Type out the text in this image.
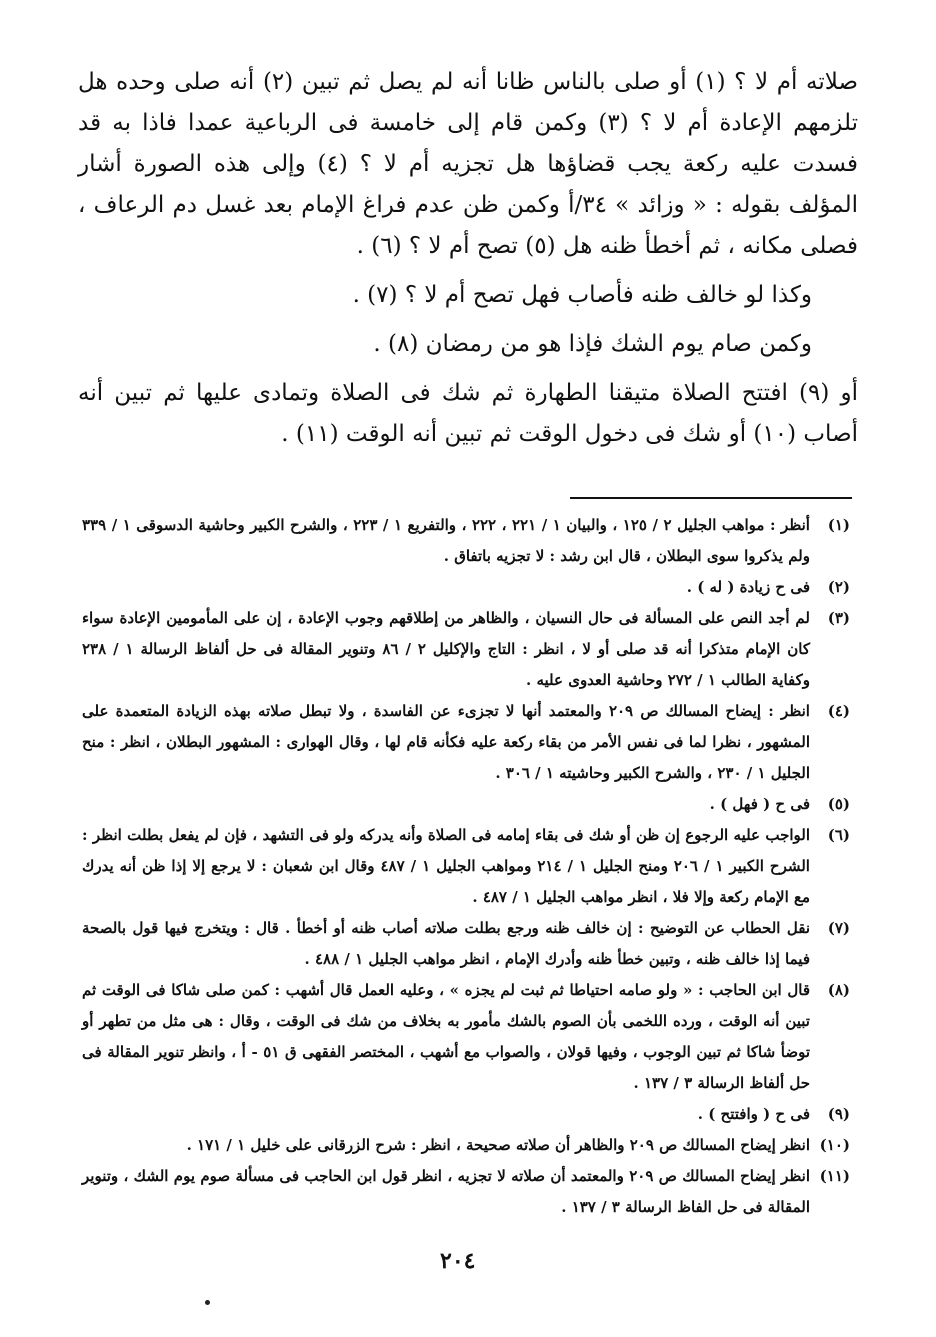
صلاته أم لا ؟ (١) أو صلى بالناس ظانا أنه لم يصل ثم تبين (٢) أنه صلى وحده هل تلزمهم الإعادة أم لا ؟ (٣) وكمن قام إلى خامسة فى الرباعية عمدا فاذا به قد فسدت عليه ركعة يجب قضاؤها هل تجزيه أم لا ؟ (٤) وإلى هذه الصورة أشار المؤلف بقوله : « وزائد » ٣٤/أ وكمن ظن عدم فراغ الإمام بعد غسل دم الرعاف ، فصلى مكانه ، ثم أخطأ ظنه هل (٥) تصح أم لا ؟ (٦) .

وكذا لو خالف ظنه فأصاب فهل تصح أم لا ؟ (٧) .

وكمن صام يوم الشك فإذا هو من رمضان (٨) .

أو (٩) افتتح الصلاة متيقنا الطهارة ثم شك فى الصلاة وتمادى عليها ثم تبين أنه أصاب (١٠) أو شك فى دخول الوقت ثم تبين أنه الوقت (١١) .

(١)
أنظر : مواهب الجليل ٢ / ١٢٥ ، والبيان ١ / ٢٢١ ، ٢٢٢ ، والتفريع ١ / ٢٢٣ ، والشرح الكبير وحاشية الدسوقى ١ / ٣٣٩ ولم يذكروا سوى البطلان ، قال ابن رشد : لا تجزيه باتفاق .
(٢)
فى ح زيادة ( له ) .
(٣)
لم أجد النص على المسألة فى حال النسيان ، والظاهر من إطلاقهم وجوب الإعادة ، إن على المأمومين الإعادة سواء كان الإمام متذكرا أنه قد صلى أو لا ، انظر : التاج والإكليل ٢ / ٨٦ وتنوير المقالة فى حل ألفاظ الرسالة ١ / ٢٣٨ وكفاية الطالب ١ / ٢٧٢ وحاشية العدوى عليه .
(٤)
انظر : إيضاح المسالك ص ٢٠٩ والمعتمد أنها لا تجزىء عن الفاسدة ، ولا تبطل صلاته بهذه الزيادة المتعمدة على المشهور ، نظرا لما فى نفس الأمر من بقاء ركعة عليه فكأنه قام لها ، وقال الهوارى : المشهور البطلان ، انظر : منح الجليل ١ / ٢٣٠ ، والشرح الكبير وحاشيته ١ / ٣٠٦ .
(٥)
فى ح ( فهل ) .
(٦)
الواجب عليه الرجوع إن ظن أو شك فى بقاء إمامه فى الصلاة وأنه يدركه ولو فى التشهد ، فإن لم يفعل بطلت انظر : الشرح الكبير ١ / ٢٠٦ ومنح الجليل ١ / ٢١٤ ومواهب الجليل ١ / ٤٨٧ وقال ابن شعبان : لا يرجع إلا إذا ظن أنه يدرك مع الإمام ركعة وإلا فلا ، انظر مواهب الجليل ١ / ٤٨٧ .
(٧)
نقل الحطاب عن التوضيح : إن خالف ظنه ورجع بطلت صلاته أصاب ظنه أو أخطأ . قال : ويتخرج فيها قول بالصحة فيما إذا خالف ظنه ، وتبين خطأ ظنه وأدرك الإمام ، انظر مواهب الجليل ١ / ٤٨٨ .
(٨)
قال ابن الحاجب : « ولو صامه احتياطا ثم ثبت لم يجزه » ، وعليه العمل قال أشهب : كمن صلى شاكا فى الوقت ثم تبين أنه الوقت ، ورده اللخمى بأن الصوم بالشك مأمور به بخلاف من شك فى الوقت ، وقال : هى مثل من تطهر أو توضأ شاكا ثم تبين الوجوب ، وفيها قولان ، والصواب مع أشهب ، المختصر الفقهى ق ٥١ - أ ، وانظر تنوير المقالة فى حل ألفاظ الرسالة ٣ / ١٣٧ .
(٩)
فى ح ( وافتتح ) .
(١٠)
انظر إيضاح المسالك ص ٢٠٩ والظاهر أن صلاته صحيحة ، انظر : شرح الزرقانى على خليل ١ / ١٧١ .
(١١)
انظر إيضاح المسالك ص ٢٠٩ والمعتمد أن صلاته لا تجزيه ، انظر قول ابن الحاجب فى مسألة صوم يوم الشك ، وتنوير المقالة فى حل الفاظ الرسالة ٣ / ١٣٧ .
٢٠٤
